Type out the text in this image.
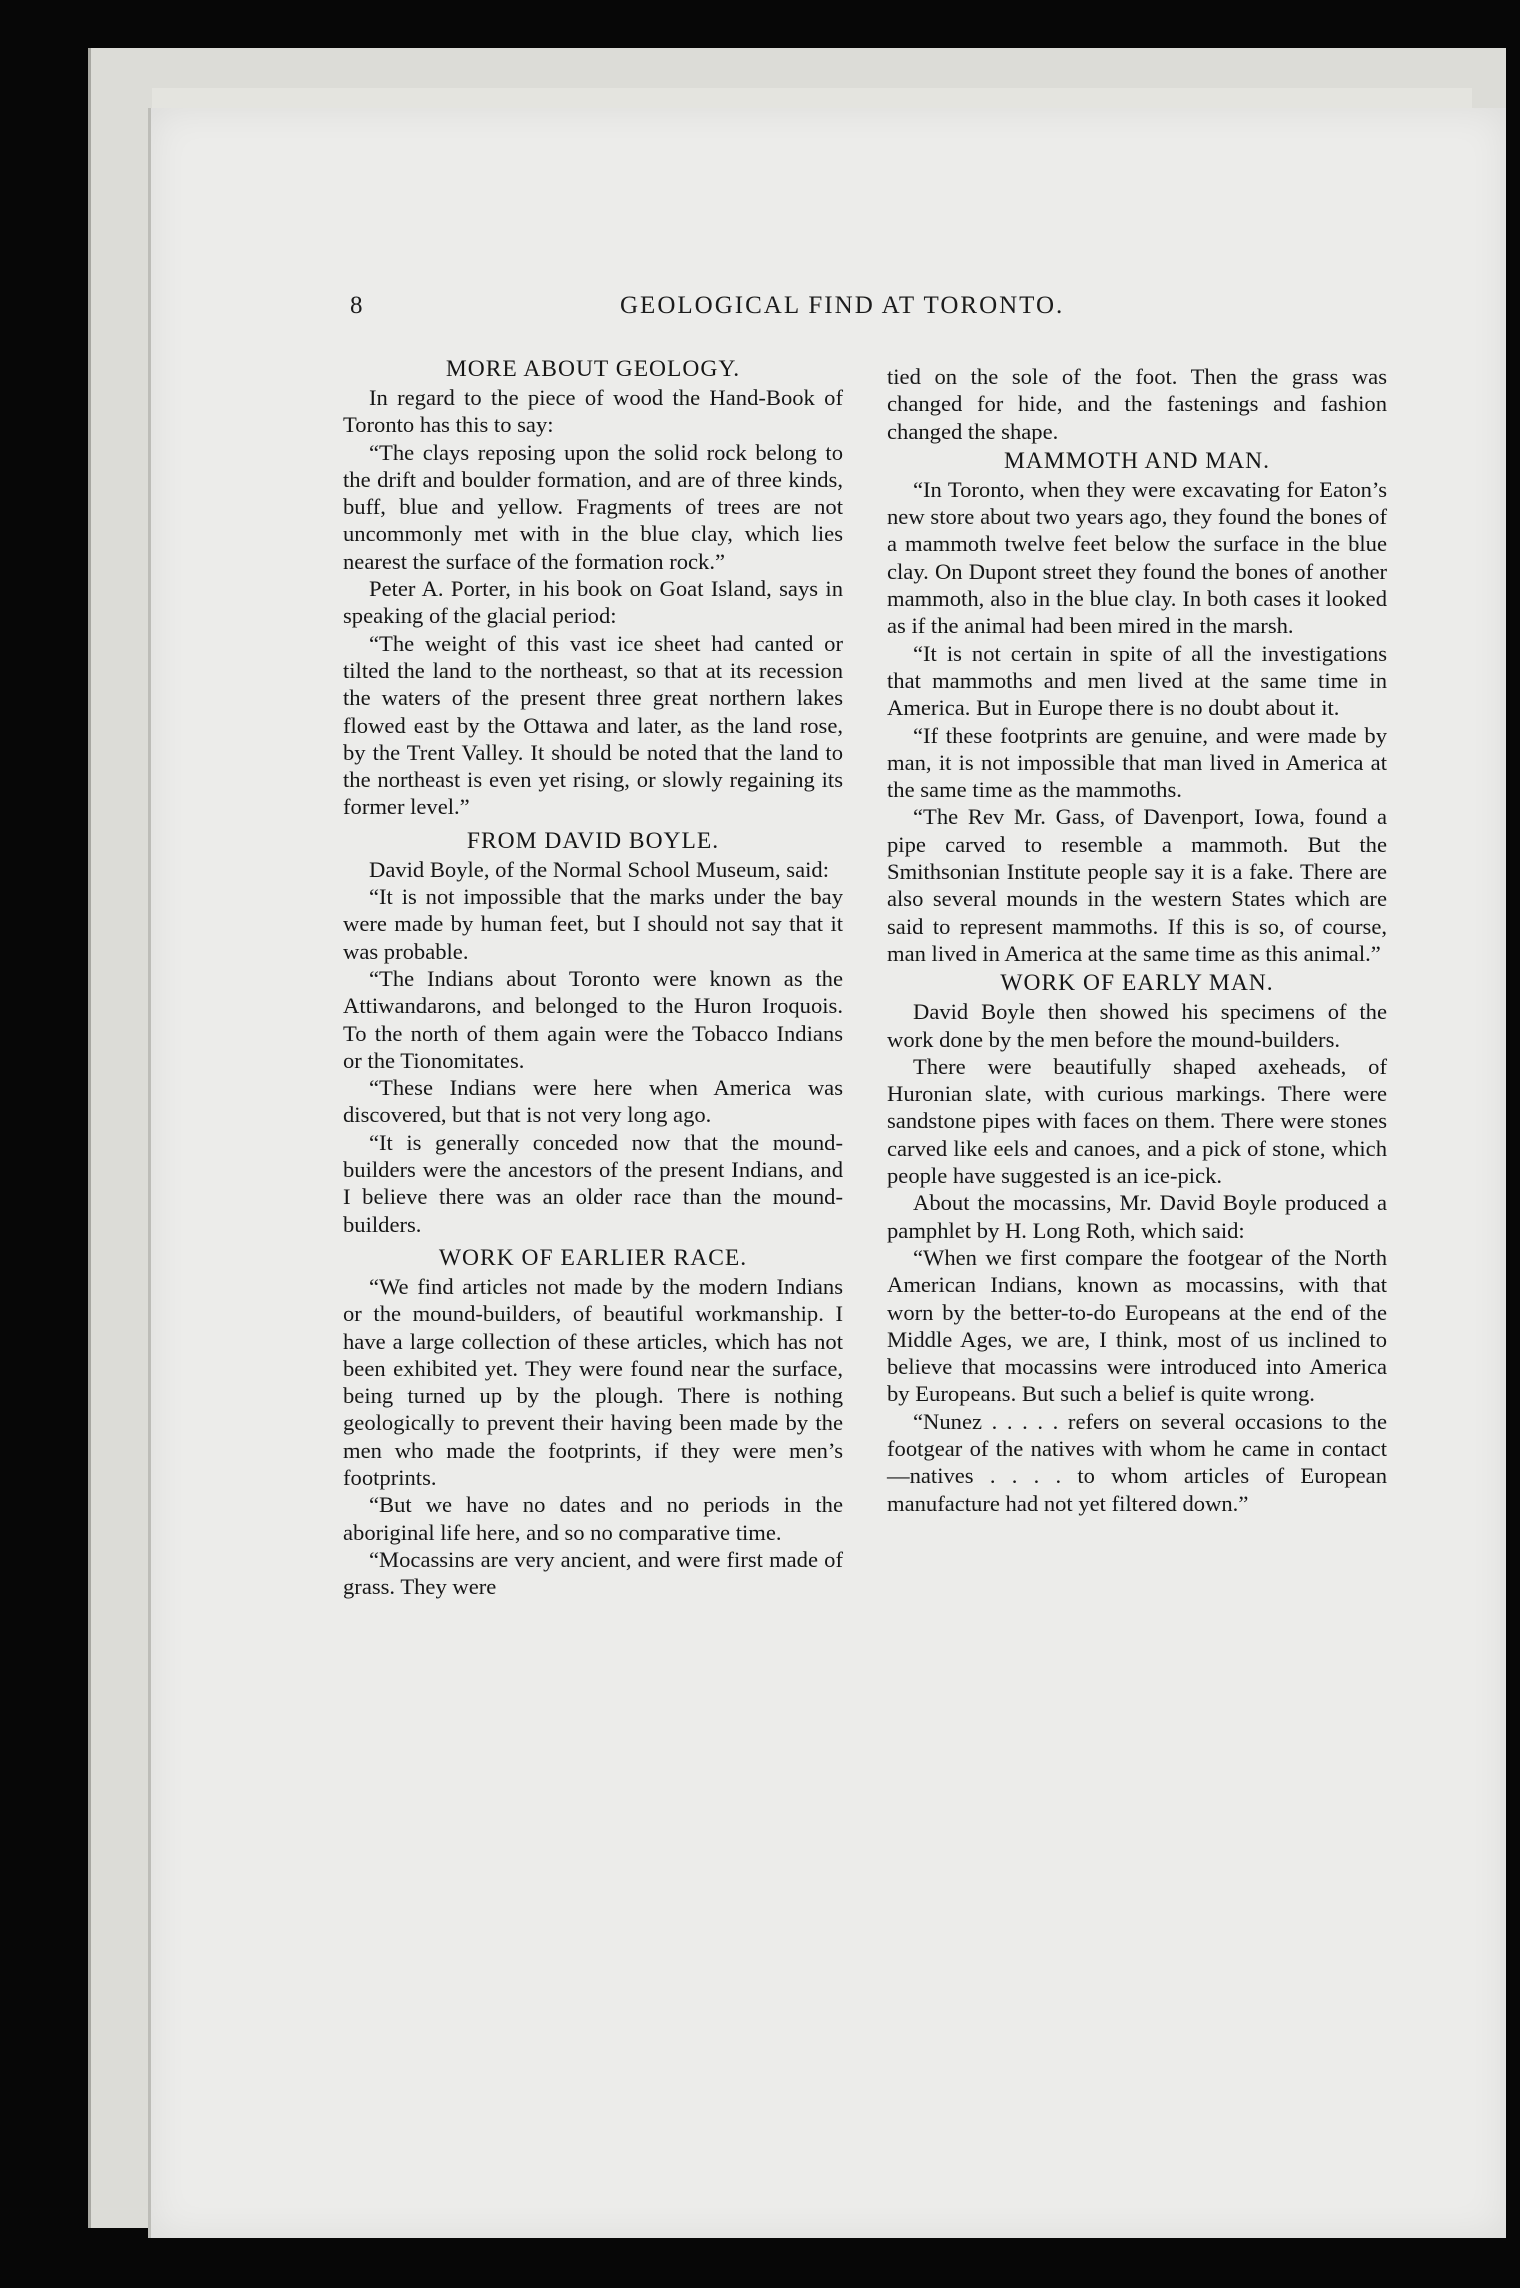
8	GEOLOGICAL FIND AT TORONTO.
MORE ABOUT GEOLOGY.

In regard to the piece of wood the Hand-Book of Toronto has this to say:

“The clays reposing upon the solid rock belong to the drift and boulder formation, and are of three kinds, buff, blue and yellow. Fragments of trees are not uncommonly met with in the blue clay, which lies nearest the surface of the formation rock.”

Peter A. Porter, in his book on Goat Island, says in speaking of the glacial period:

“The weight of this vast ice sheet had canted or tilted the land to the northeast, so that at its recession the waters of the present three great northern lakes flowed east by the Ottawa and later, as the land rose, by the Trent Valley. It should be noted that the land to the northeast is even yet rising, or slowly regaining its former level.”

FROM DAVID BOYLE.

David Boyle, of the Normal School Museum, said:

“It is not impossible that the marks under the bay were made by human feet, but I should not say that it was probable.

“The Indians about Toronto were known as the Attiwandarons, and belonged to the Huron Iroquois. To the north of them again were the Tobacco Indians or the Tionomitates.

“These Indians were here when America was discovered, but that is not very long ago.

“It is generally conceded now that the mound-builders were the ancestors of the present Indians, and I believe there was an older race than the mound-builders.

WORK OF EARLIER RACE.

“We find articles not made by the modern Indians or the mound-builders, of beautiful workmanship. I have a large collection of these articles, which has not been exhibited yet. They were found near the surface, being turned up by the plough. There is nothing geologically to prevent their having been made by the men who made the footprints, if they were men’s footprints.

“But we have no dates and no periods in the aboriginal life here, and so no comparative time.

“Mocassins are very ancient, and were first made of grass. They were

tied on the sole of the foot. Then the grass was changed for hide, and the fastenings and fashion changed the shape.

MAMMOTH AND MAN.

“In Toronto, when they were excavating for Eaton’s new store about two years ago, they found the bones of a mammoth twelve feet below the surface in the blue clay. On Dupont street they found the bones of another mammoth, also in the blue clay. In both cases it looked as if the animal had been mired in the marsh.

“It is not certain in spite of all the investigations that mammoths and men lived at the same time in America. But in Europe there is no doubt about it.

“If these footprints are genuine, and were made by man, it is not impossible that man lived in America at the same time as the mammoths.

“The Rev Mr. Gass, of Davenport, Iowa, found a pipe carved to resemble a mammoth. But the Smithsonian Institute people say it is a fake. There are also several mounds in the western States which are said to represent mammoths. If this is so, of course, man lived in America at the same time as this animal.”

WORK OF EARLY MAN.

David Boyle then showed his specimens of the work done by the men before the mound-builders.

There were beautifully shaped axeheads, of Huronian slate, with curious markings. There were sandstone pipes with faces on them. There were stones carved like eels and canoes, and a pick of stone, which people have suggested is an ice-pick.

About the mocassins, Mr. David Boyle produced a pamphlet by H. Long Roth, which said:

“When we first compare the footgear of the North American Indians, known as mocassins, with that worn by the better-to-do Europeans at the end of the Middle Ages, we are, I think, most of us inclined to believe that mocassins were introduced into America by Europeans. But such a belief is quite wrong.

“Nunez . . . . . refers on several occasions to the footgear of the natives with whom he came in contact—natives . . . . to whom articles of European manufacture had not yet filtered down.”
